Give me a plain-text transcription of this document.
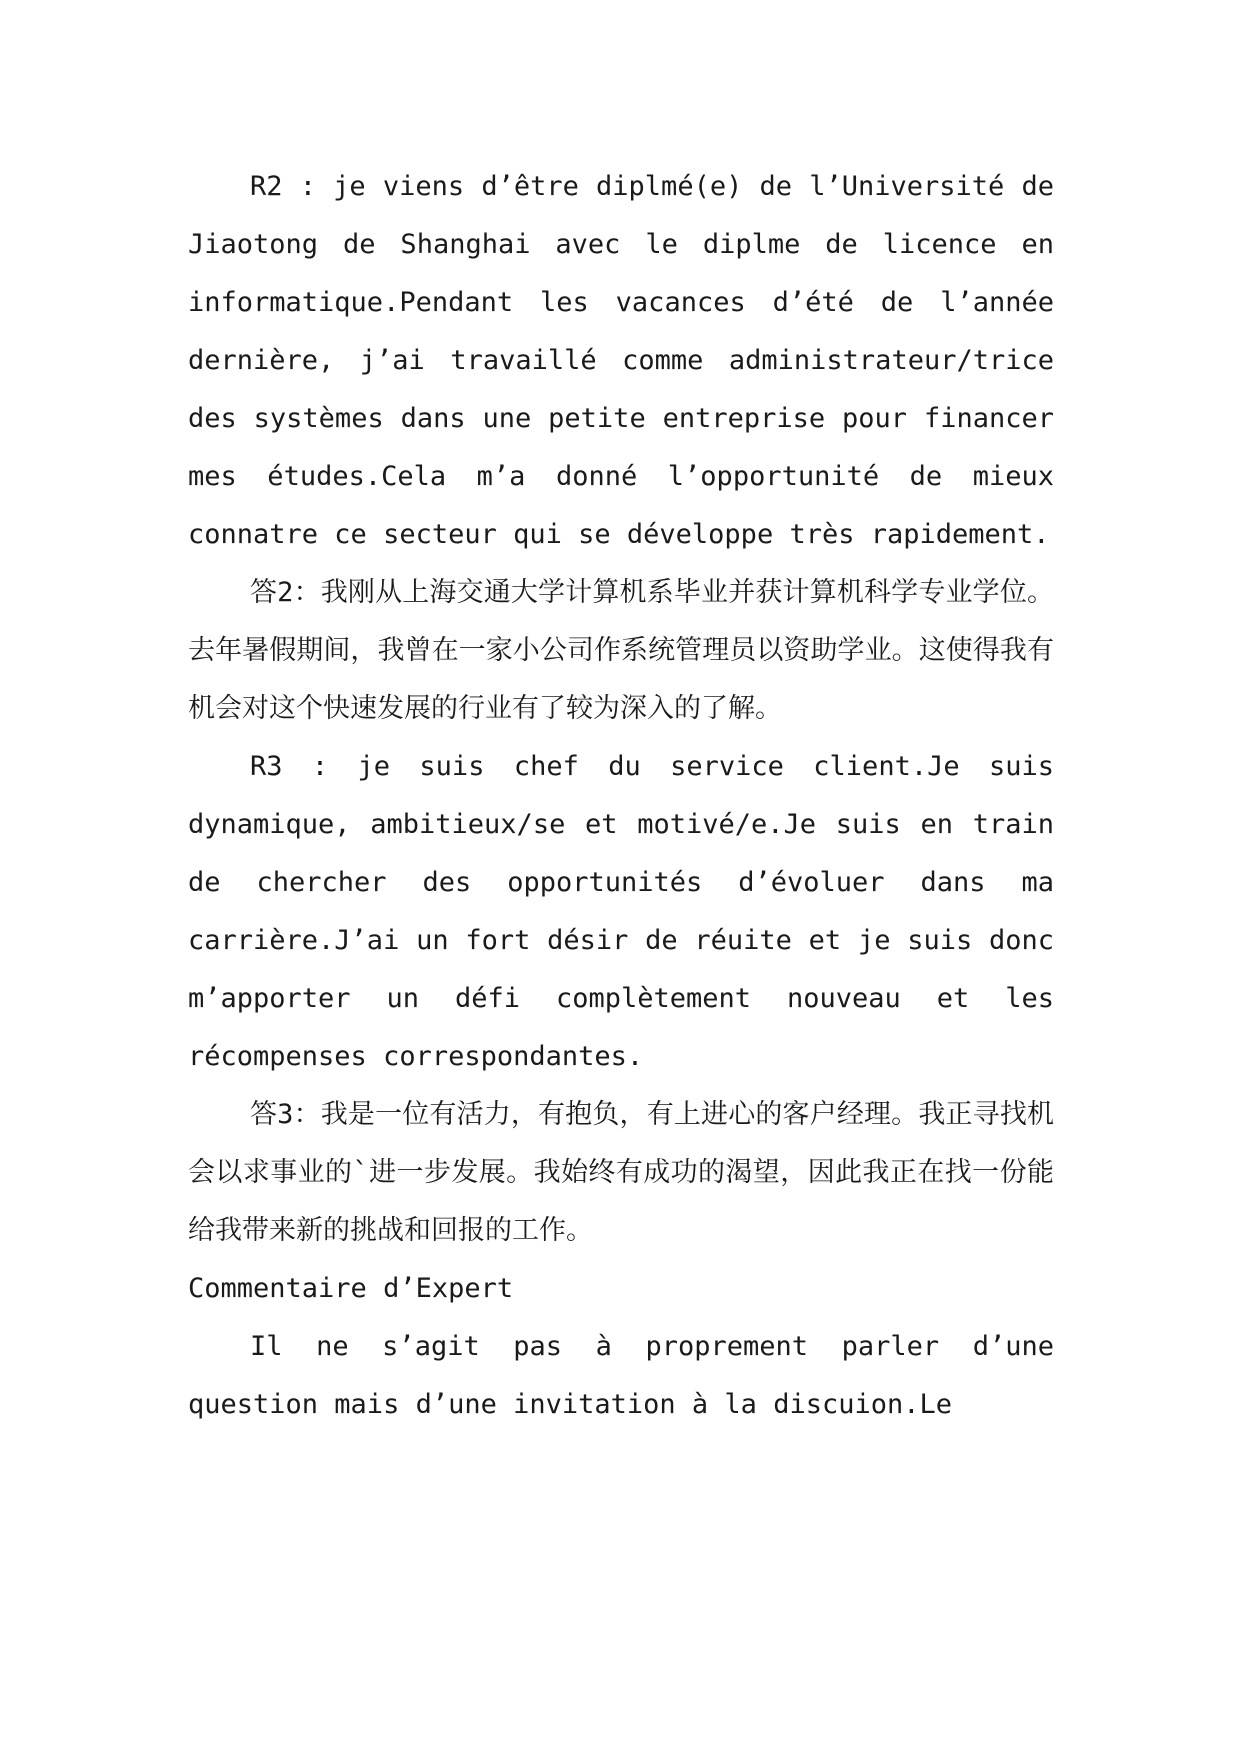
R2 : je viens d’être diplmé(e) de l’Université de Jiaotong de Shanghai avec le diplme de licence en informatique.Pendant les vacances d’été de l’année dernière, j’ai travaillé comme administrateur/trice des systèmes dans une petite entreprise pour financer mes études.Cela m’a donné l’opportunité de mieux connatre ce secteur qui se développe très rapidement.

答2：我刚从上海交通大学计算机系毕业并获计算机科学专业学位。去年暑假期间，我曾在一家小公司作系统管理员以资助学业。这使得我有机会对这个快速发展的行业有了较为深入的了解。

R3 : je suis chef du service client.Je suis dynamique, ambitieux/se et motivé/e.Je suis en train de chercher des opportunités d’évoluer dans ma carrière.J’ai un fort désir de réuite et je suis donc m’apporter un défi complètement nouveau et les récompenses correspondantes.

答3：我是一位有活力，有抱负，有上进心的客户经理。我正寻找机会以求事业的`进一步发展。我始终有成功的渴望，因此我正在找一份能给我带来新的挑战和回报的工作。

Commentaire d’Expert

Il ne s’agit pas à proprement parler d’une question mais d’une invitation à la discuion.Le
